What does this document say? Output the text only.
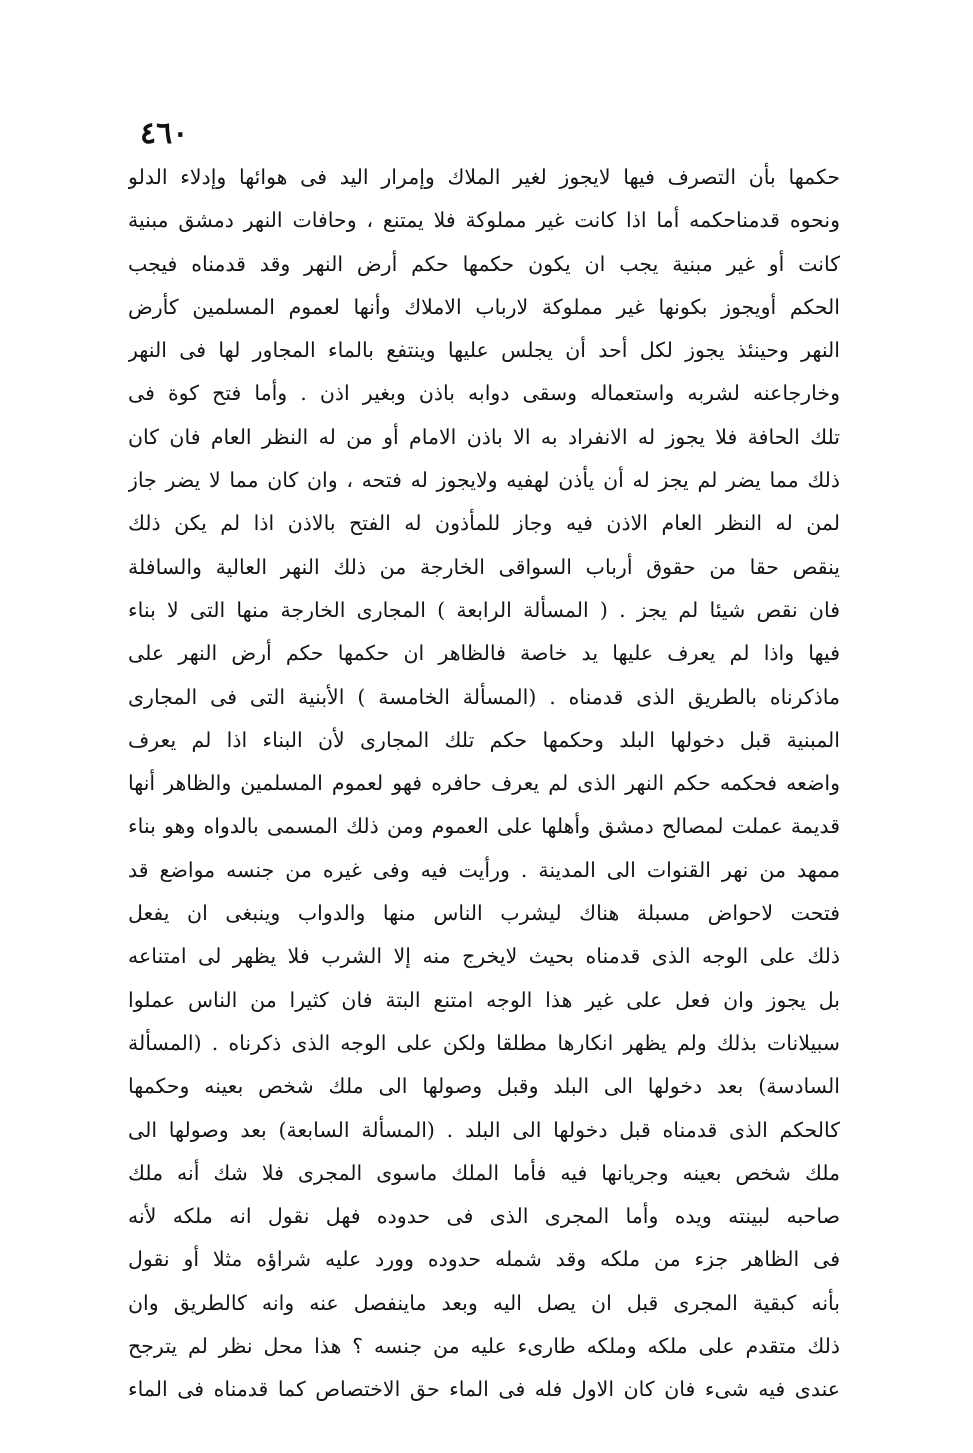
٤٦٠
حكمها بأن التصرف فيها لايجوز لغير الملاك وإمرار اليد فى هوائها وإدلاء الدلو
ونحوه قدمناحكمه أما اذا كانت غير مملوكة فلا يمتنع ، وحافات النهر دمشق مبنية
كانت أو غير مبنية يجب ان يكون حكمها حكم أرض النهر وقد قدمناه فيجب
الحكم أويجوز بكونها غير مملوكة لارباب الاملاك وأنها لعموم المسلمين كأرض
النهر وحينئذ يجوز لكل أحد أن يجلس عليها وينتفع بالماء المجاور لها فى النهر
وخارجاعنه لشربه واستعماله وسقى دوابه باذن وبغير اذن . وأما فتح كوة فى
تلك الحافة فلا يجوز له الانفراد به الا باذن الامام أو من له النظر العام فان كان
ذلك مما يضر لم يجز له أن يأذن لهفيه ولايجوز له فتحه ، وان كان مما لا يضر جاز
لمن له النظر العام الاذن فيه وجاز للمأذون له الفتح بالاذن اذا لم يكن ذلك
ينقص حقا من حقوق أرباب السواقى الخارجة من ذلك النهر العالية والسافلة
فان نقص شيئا لم يجز . ( المسألة الرابعة ) المجارى الخارجة منها التى لا بناء
فيها واذا لم يعرف عليها يد خاصة فالظاهر ان حكمها حكم أرض النهر على
ماذكرناه بالطريق الذى قدمناه . (المسألة الخامسة ) الأبنية التى فى المجارى
المبنية قبل دخولها البلد وحكمها حكم تلك المجارى لأن البناء اذا لم يعرف
واضعه فحكمه حكم النهر الذى لم يعرف حافره فهو لعموم المسلمين والظاهر أنها
قديمة عملت لمصالح دمشق وأهلها على العموم ومن ذلك المسمى بالدواه وهو بناء
ممهد من نهر القنوات الى المدينة . ورأيت فيه وفى غيره من جنسه مواضع قد
فتحت لاحواض مسبلة هناك ليشرب الناس منها والدواب وينبغى ان يفعل
ذلك على الوجه الذى قدمناه بحيث لايخرج منه إلا الشرب فلا يظهر لى امتناعه
بل يجوز وان فعل على غير هذا الوجه امتنع البتة فان كثيرا من الناس عملوا
سبيلانات بذلك ولم يظهر انكارها مطلقا ولكن على الوجه الذى ذكرناه . (المسألة
السادسة) بعد دخولها الى البلد وقبل وصولها الى ملك شخص بعينه وحكمها
كالحكم الذى قدمناه قبل دخولها الى البلد . (المسألة السابعة) بعد وصولها الى
ملك شخص بعينه وجريانها فيه فأما الملك ماسوى المجرى فلا شك أنه ملك
صاحبه لبينته ويده وأما المجرى الذى فى حدوده فهل نقول انه ملكه لأنه
فى الظاهر جزء من ملكه وقد شمله حدوده وورد عليه شراؤه مثلا أو نقول
بأنه كبقية المجرى قبل ان يصل اليه وبعد ماينفصل عنه وانه كالطريق وان
ذلك متقدم على ملكه وملكه طارىء عليه من جنسه ؟ هذا محل نظر لم يترجح
عندى فيه شىء فان كان الاول فله فى الماء حق الاختصاص كما قدمناه فى الماء
